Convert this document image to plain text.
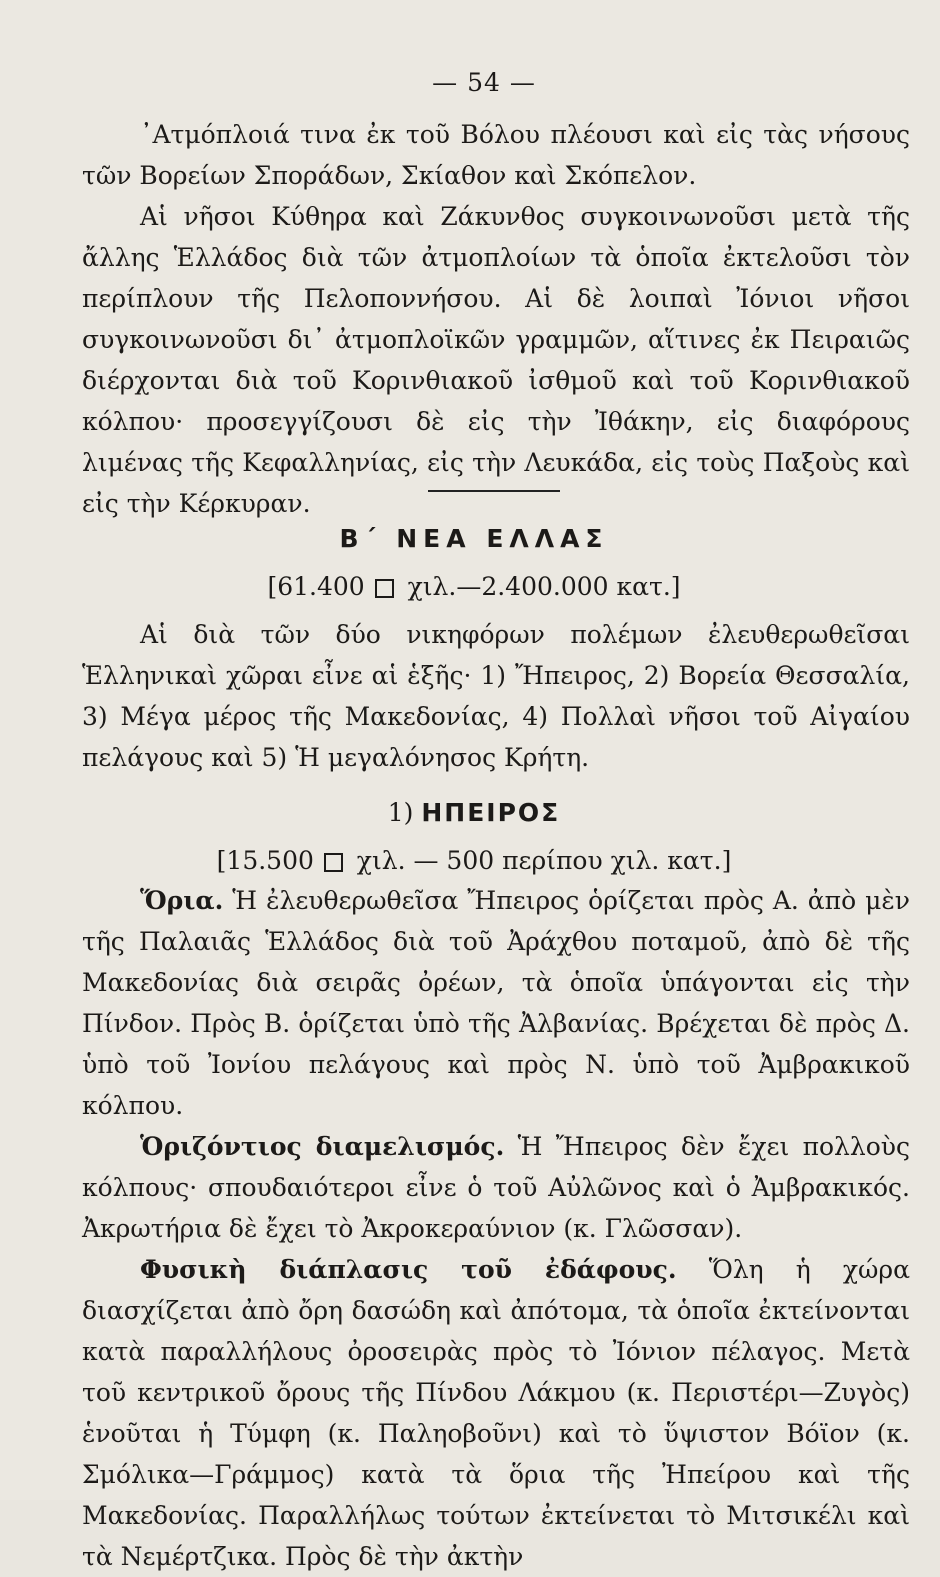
— 54 —

᾽Ατμόπλοιά τινα ἐκ τοῦ Βόλου πλέουσι καὶ εἰς τὰς νήσους τῶν Βορείων Σποράδων, Σκίαθον καὶ Σκόπελον.

Αἱ νῆσοι Κύθηρα καὶ Ζάκυνθος συγκοινωνοῦσι μετὰ τῆς ἄλλης Ἑλλάδος διὰ τῶν ἀτμοπλοίων τὰ ὁποῖα ἐκτελοῦσι τὸν περίπλουν τῆς Πελοποννήσου. Αἱ δὲ λοιπαὶ Ἰόνιοι νῆσοι συγκοινωνοῦσι δι᾽ ἀτμοπλοϊκῶν γραμμῶν, αἵτινες ἐκ Πειραιῶς διέρχονται διὰ τοῦ Κορινθιακοῦ ἰσθμοῦ καὶ τοῦ Κορινθιακοῦ κόλπου· προσεγγίζουσι δὲ εἰς τὴν Ἰθάκην, εἰς διαφόρους λιμένας τῆς Κεφαλληνίας, εἰς τὴν Λευκάδα, εἰς τοὺς Παξοὺς καὶ εἰς τὴν Κέρκυραν.

Β΄ ΝΕΑ ΕΛΛΑΣ
[61.400 χιλ.—2.400.000 κατ.]

Αἱ διὰ τῶν δύο νικηφόρων πολέμων ἐλευθερωθεῖσαι Ἑλληνικαὶ χῶραι εἶνε αἱ ἑξῆς· 1) Ἤπειρος, 2) Βορεία Θεσσαλία, 3) Μέγα μέρος τῆς Μακεδονίας, 4) Πολλαὶ νῆσοι τοῦ Αἰγαίου πελάγους καὶ 5) Ἡ μεγαλόνησος Κρήτη.

1) ΗΠΕΙΡΟΣ
[15.500 χιλ. — 500 περίπου χιλ. κατ.]

Ὅρια. Ἡ ἐλευθερωθεῖσα Ἤπειρος ὁρίζεται πρὸς Α. ἀπὸ μὲν τῆς Παλαιᾶς Ἑλλάδος διὰ τοῦ Ἀράχθου ποταμοῦ, ἀπὸ δὲ τῆς Μακεδονίας διὰ σειρᾶς ὀρέων, τὰ ὁποῖα ὑπάγονται εἰς τὴν Πίνδον. Πρὸς Β. ὁρίζεται ὑπὸ τῆς Ἀλβανίας. Βρέχεται δὲ πρὸς Δ. ὑπὸ τοῦ Ἰονίου πελάγους καὶ πρὸς Ν. ὑπὸ τοῦ Ἀμβρακικοῦ κόλπου.

Ὁριζόντιος διαμελισμός. Ἡ Ἤπειρος δὲν ἔχει πολλοὺς κόλπους· σπουδαιότεροι εἶνε ὁ τοῦ Αὐλῶνος καὶ ὁ Ἀμβρακικός. Ἀκρωτήρια δὲ ἔχει τὸ Ἀκροκεραύνιον (κ. Γλῶσσαν).

Φυσικὴ διάπλασις τοῦ ἐδάφους. Ὅλη ἡ χώρα διασχίζεται ἀπὸ ὄρη δασώδη καὶ ἀπότομα, τὰ ὁποῖα ἐκτείνονται κατὰ παραλλήλους ὀροσειρὰς πρὸς τὸ Ἰόνιον πέλαγος. Μετὰ τοῦ κεντρικοῦ ὄρους τῆς Πίνδου Λάκμου (κ. Περιστέρι—Ζυγὸς) ἑνοῦται ἡ Τύμφη (κ. Παληοβοῦνι) καὶ τὸ ὕψιστον Βόϊον (κ. Σμόλικα—Γράμμος) κατὰ τὰ ὅρια τῆς Ἠπείρου καὶ τῆς Μακεδονίας. Παραλλήλως τούτων ἐκτείνεται τὸ Μιτσικέλι καὶ τὰ Νεμέρτζικα. Πρὸς δὲ τὴν ἀκτὴν
